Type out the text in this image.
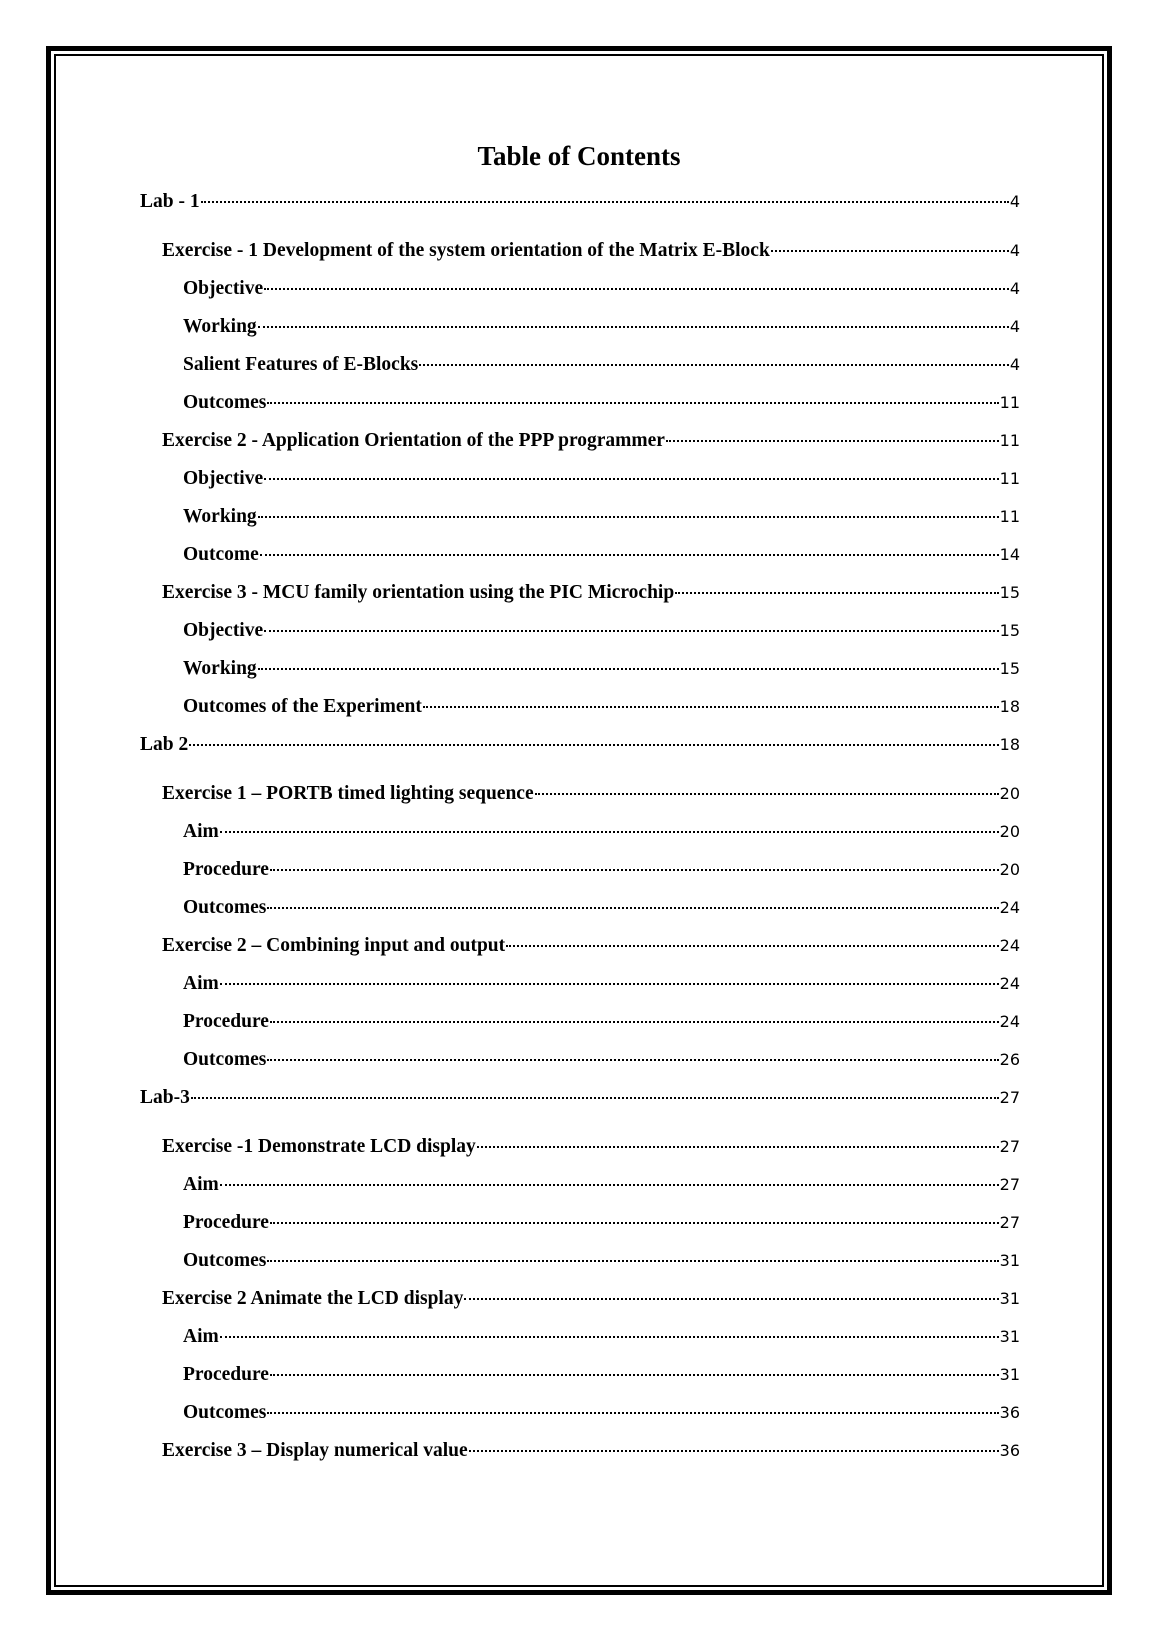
Table of Contents
Lab - 1	4
Exercise - 1 Development of the system orientation of the Matrix E-Block	4
Objective	4
Working	4
Salient Features of E-Blocks	4
Outcomes	11
Exercise 2 - Application Orientation of the PPP programmer	11
Objective	11
Working	11
Outcome	14
Exercise 3 - MCU family orientation using the PIC Microchip	15
Objective	15
Working	15
Outcomes of the Experiment	18
Lab 2	18
Exercise 1 – PORTB timed lighting sequence	20
Aim	20
Procedure	20
Outcomes	24
Exercise 2 – Combining input and output	24
Aim	24
Procedure	24
Outcomes	26
Lab-3	27
Exercise -1 Demonstrate LCD display	27
Aim	27
Procedure	27
Outcomes	31
Exercise 2 Animate the LCD display	31
Aim	31
Procedure	31
Outcomes	36
Exercise 3 – Display numerical value	36
